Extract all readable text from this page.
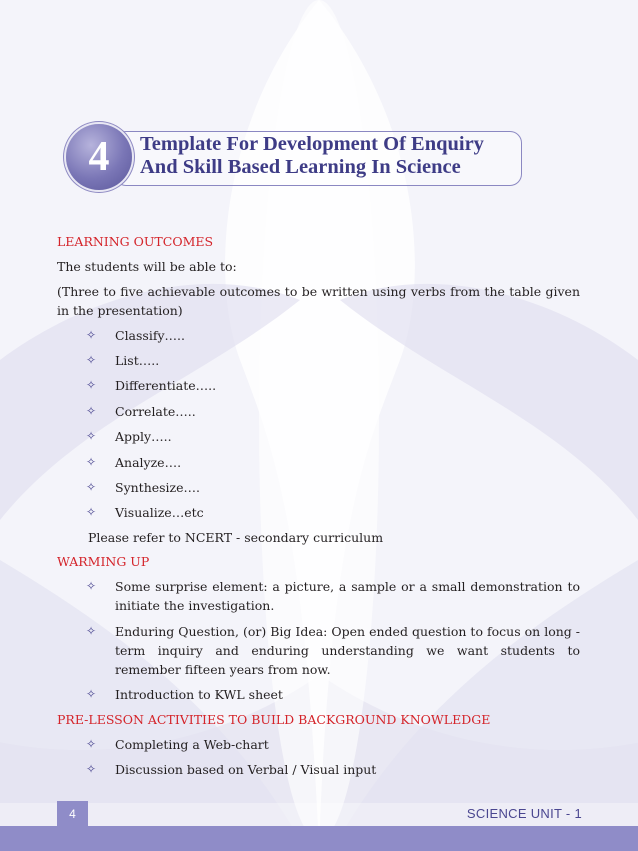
4	Template For Development Of Enquiry
And Skill Based Learning In Science
LEARNING OUTCOMES
The students will be able to:
(Three to five achievable outcomes to be written using verbs from the table given in the presentation)
✧ Classify…..
✧ List…..
✧ Differentiate…..
✧ Correlate…..
✧ Apply…..
✧ Analyze….
✧ Synthesize….
✧ Visualize…etc
Please refer to NCERT - secondary curriculum
WARMING UP
✧ Some surprise element: a picture, a sample or a small demonstration to initiate the investigation.
✧ Enduring Question, (or) Big Idea: Open ended question to focus on long -term inquiry and enduring understanding we want students to remember fifteen years from now.
✧ Introduction to KWL sheet
PRE-LESSON ACTIVITIES TO BUILD BACKGROUND KNOWLEDGE
✧ Completing a Web-chart
✧ Discussion based on Verbal / Visual input
4	SCIENCE UNIT - 1
